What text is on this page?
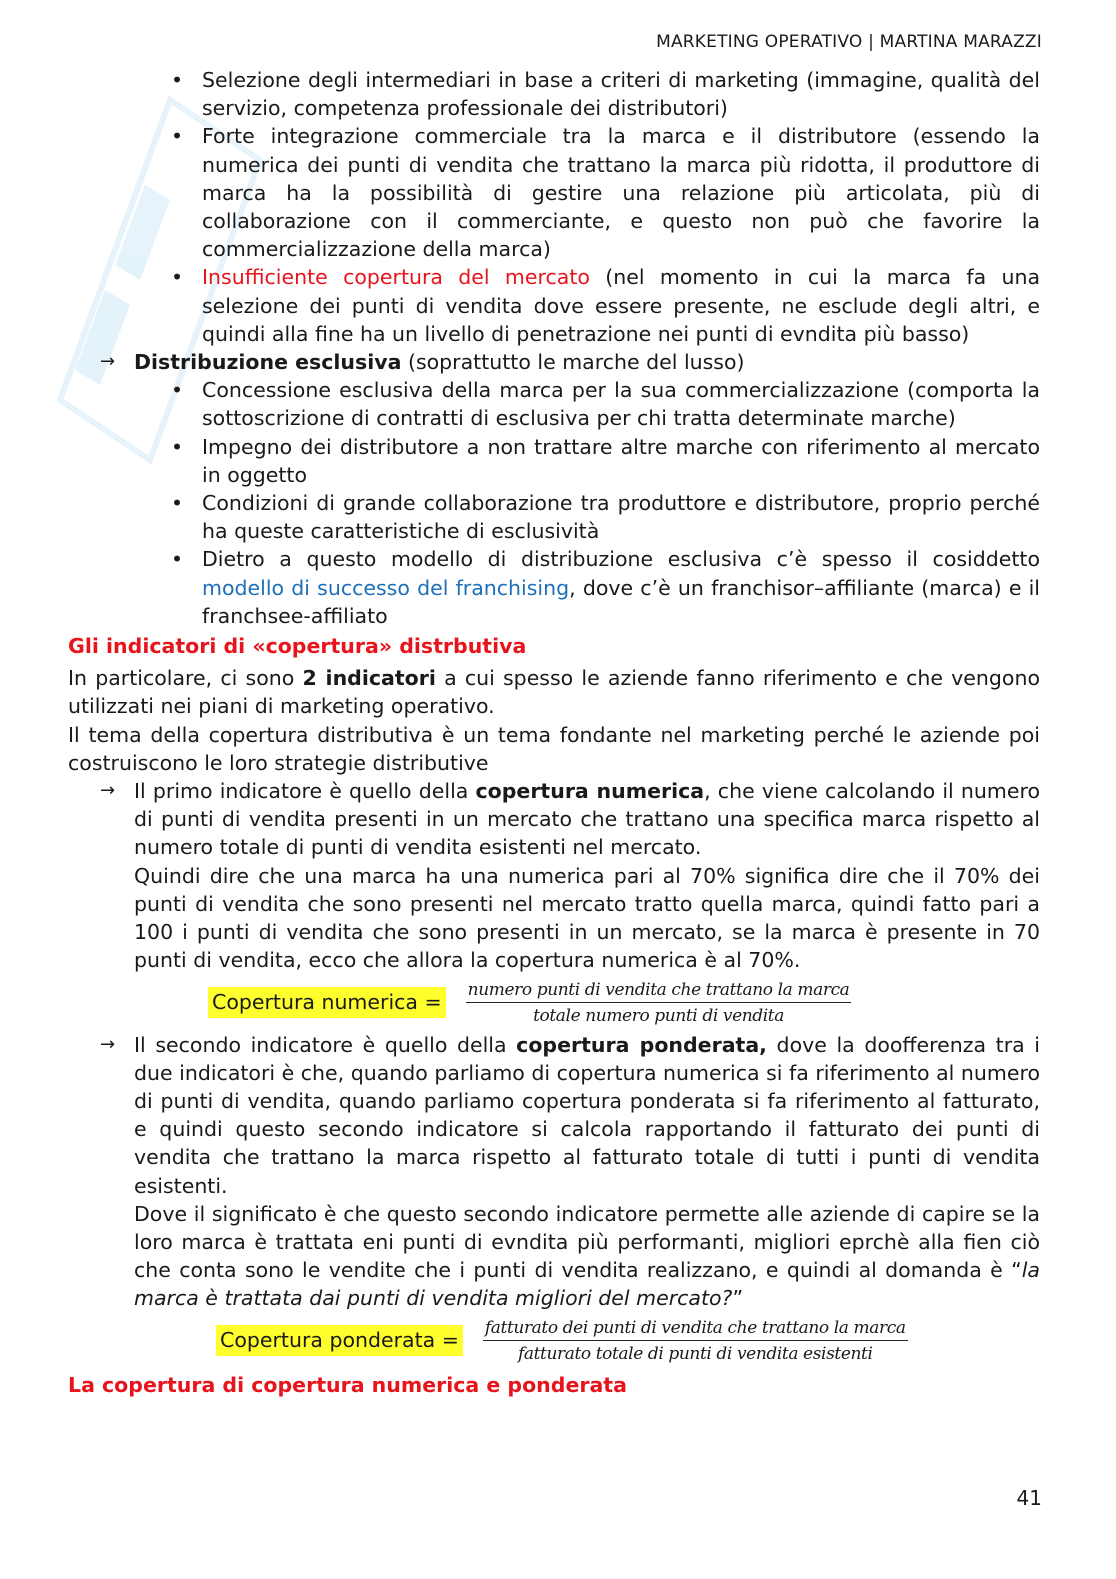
MARKETING OPERATIVO | MARTINA MARAZZI
• Selezione degli intermediari in base a criteri di marketing (immagine, qualità del servizio, competenza professionale dei distributori)
• Forte integrazione commerciale tra la marca e il distributore (essendo la numerica dei punti di vendita che trattano la marca più ridotta, il produttore di marca ha la possibilità di gestire una relazione più articolata, più di collaborazione con il commerciante, e questo non può che favorire la commercializzazione della marca)
• Insufficiente copertura del mercato (nel momento in cui la marca fa una selezione dei punti di vendita dove essere presente, ne esclude degli altri, e quindi alla fine ha un livello di penetrazione nei punti di evndita più basso)
→ Distribuzione esclusiva (soprattutto le marche del lusso)
• Concessione esclusiva della marca per la sua commercializzazione (comporta la sottoscrizione di contratti di esclusiva per chi tratta determinate marche)
• Impegno dei distributore a non trattare altre marche con riferimento al mercato in oggetto
• Condizioni di grande collaborazione tra produttore e distributore, proprio perché ha queste caratteristiche di esclusività
• Dietro a questo modello di distribuzione esclusiva c’è spesso il cosiddetto modello di successo del franchising, dove c’è un franchisor–affiliante (marca) e il franchsee-affiliato
Gli indicatori di «copertura» distrbutiva

In particolare, ci sono 2 indicatori a cui spesso le aziende fanno riferimento e che vengono utilizzati nei piani di marketing operativo.

Il tema della copertura distributiva è un tema fondante nel marketing perché le aziende poi costruiscono le loro strategie distributive

→ Il primo indicatore è quello della copertura numerica, che viene calcolando il numero di punti di vendita presenti in un mercato che trattano una specifica marca rispetto al numero totale di punti di vendita esistenti nel mercato.

Quindi dire che una marca ha una numerica pari al 70% significa dire che il 70% dei punti di vendita che sono presenti nel mercato tratto quella marca, quindi fatto pari a 100 i punti di vendita che sono presenti in un mercato, se la marca è presente in 70 punti di vendita, ecco che allora la copertura numerica è al 70%.

Copertura numerica = $\frac{\text{numero punti di vendita che trattano la marca}}{\text{totale numero punti di vendita}}$
→ Il secondo indicatore è quello della copertura ponderata, dove la doofferenza tra i due indicatori è che, quando parliamo di copertura numerica si fa riferimento al numero di punti di vendita, quando parliamo copertura ponderata si fa riferimento al fatturato, e quindi questo secondo indicatore si calcola rapportando il fatturato dei punti di vendita che trattano la marca rispetto al fatturato totale di tutti i punti di vendita esistenti.

Dove il significato è che questo secondo indicatore permette alle aziende di capire se la loro marca è trattata eni punti di evndita più performanti, migliori eprchè alla fien ciò che conta sono le vendite che i punti di vendita realizzano, e quindi al domanda è “la marca è trattata dai punti di vendita migliori del mercato?”

Copertura ponderata = $\frac{\text{fatturato dei punti di vendita che trattano la marca}}{\text{fatturato totale di punti di vendita esistenti}}$
La copertura di copertura numerica e ponderata
41
